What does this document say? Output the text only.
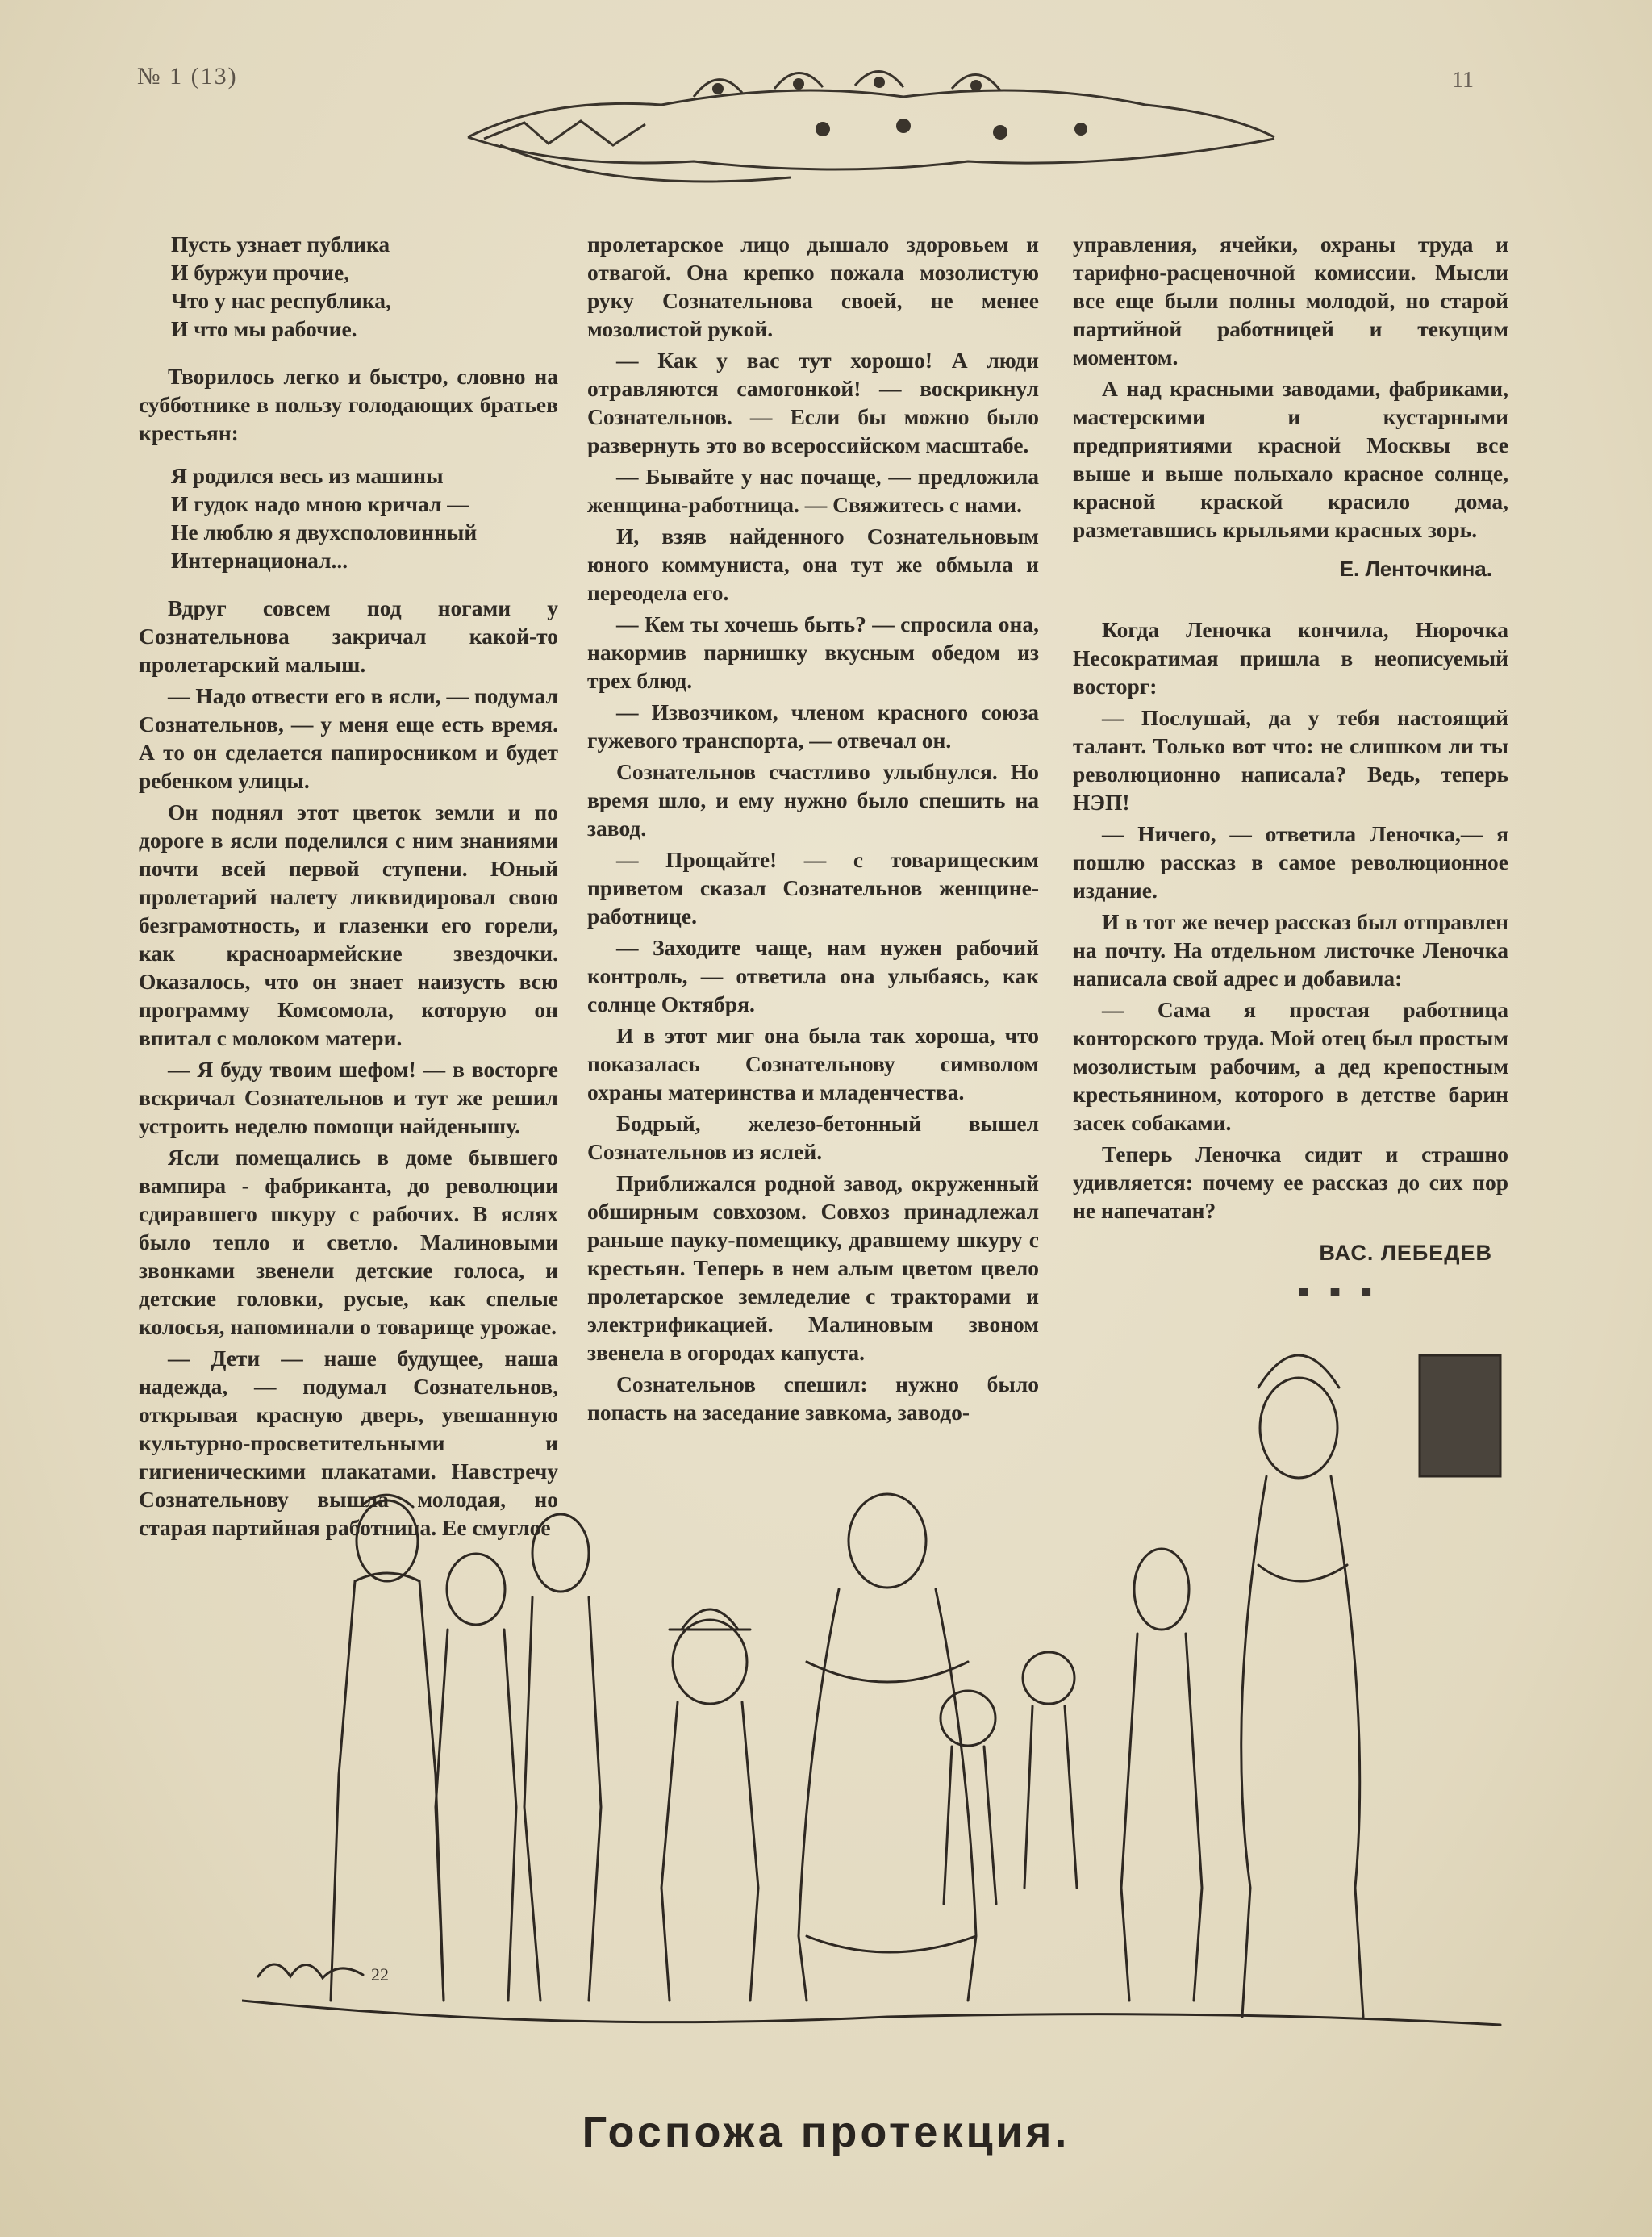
№ 1 (13)	11
Пусть узнает публика
И буржуи прочие,
Что у нас республика,
И что мы рабочие.

Творилось легко и быстро, словно на субботнике в пользу голодающих братьев крестьян:

Я родился весь из машины
И гудок надо мною кричал —
Не люблю я двухсполовинный
Интернационал...

Вдруг совсем под ногами у Сознательнова закричал какой-то пролетарский малыш.

— Надо отвести его в ясли, — подумал Сознательнов, — у меня еще есть время. А то он сделается папиросником и будет ребенком улицы.

Он поднял этот цветок земли и по дороге в ясли поделился с ним знаниями почти всей первой ступени. Юный пролетарий налету ликвидировал свою безграмотность, и глазенки его горели, как красноармейские звездочки. Оказалось, что он знает наизусть всю программу Комсомола, которую он впитал с молоком матери.

— Я буду твоим шефом! — в восторге вскричал Сознательнов и тут же решил устроить неделю помощи найденышу.

Ясли помещались в доме бывшего вампира - фабриканта, до революции сдиравшего шкуру с рабочих. В яслях было тепло и светло. Малиновыми звонками звенели детские голоса, и детские головки, русые, как спелые колосья, напоминали о товарище урожае.

— Дети — наше будущее, наша надежда, — подумал Сознательнов, открывая красную дверь, увешанную культурно-просветительными и гигиеническими плакатами. Навстречу Сознательнову вышла молодая, но старая партийная работница. Ее смуглое

пролетарское лицо дышало здоровьем и отвагой. Она крепко пожала мозолистую руку Сознательнова своей, не менее мозолистой рукой.

— Как у вас тут хорошо! А люди отравляются самогонкой! — воскрикнул Сознательнов. — Если бы можно было развернуть это во всероссийском масштабе.

— Бывайте у нас почаще, — предложила женщина-работница. — Свяжитесь с нами.

И, взяв найденного Сознательновым юного коммуниста, она тут же обмыла и переодела его.

— Кем ты хочешь быть? — спросила она, накормив парнишку вкусным обедом из трех блюд.

— Извозчиком, членом красного союза гужевого транспорта, — отвечал он.

Сознательнов счастливо улыбнулся. Но время шло, и ему нужно было спешить на завод.

— Прощайте! — с товарищеским приветом сказал Сознательнов женщине-работнице.

— Заходите чаще, нам нужен рабочий контроль, — ответила она улыбаясь, как солнце Октября.

И в этот миг она была так хороша, что показалась Сознательнову символом охраны материнства и младенчества.

Бодрый, железо-бетонный вышел Сознательнов из яслей.

Приближался родной завод, окруженный обширным совхозом. Совхоз принадлежал раньше пауку-помещику, дравшему шкуру с крестьян. Теперь в нем алым цветом цвело пролетарское земледелие с тракторами и электрификацией. Малиновым звоном звенела в огородах капуста.

Сознательнов спешил: нужно было попасть на заседание завкома, заводо-

управления, ячейки, охраны труда и тарифно-расценочной комиссии. Мысли все еще были полны молодой, но старой партийной работницей и текущим моментом.

А над красными заводами, фабриками, мастерскими и кустарными предприятиями красной Москвы все выше и выше полыхало красное солнце, красной краской красило дома, разметавшись крыльями красных зорь.

Е. Ленточкина.

Когда Леночка кончила, Нюрочка Несократимая пришла в неописуемый восторг:

— Послушай, да у тебя настоящий талант. Только вот что: не слишком ли ты революционно написала? Ведь, теперь НЭП!

— Ничего, — ответила Леночка,— я пошлю рассказ в самое революционное издание.

И в тот же вечер рассказ был отправлен на почту. На отдельном листочке Леночка написала свой адрес и добавила:

— Сама я простая работница конторского труда. Мой отец был простым мозолистым рабочим, а дед крепостным крестьянином, которого в детстве барин засек собаками.

Теперь Леночка сидит и страшно удивляется: почему ее рассказ до сих пор не напечатан?

ВАС. ЛЕБЕДЕВ
■ ■ ■
22
Госпожа протекция.
